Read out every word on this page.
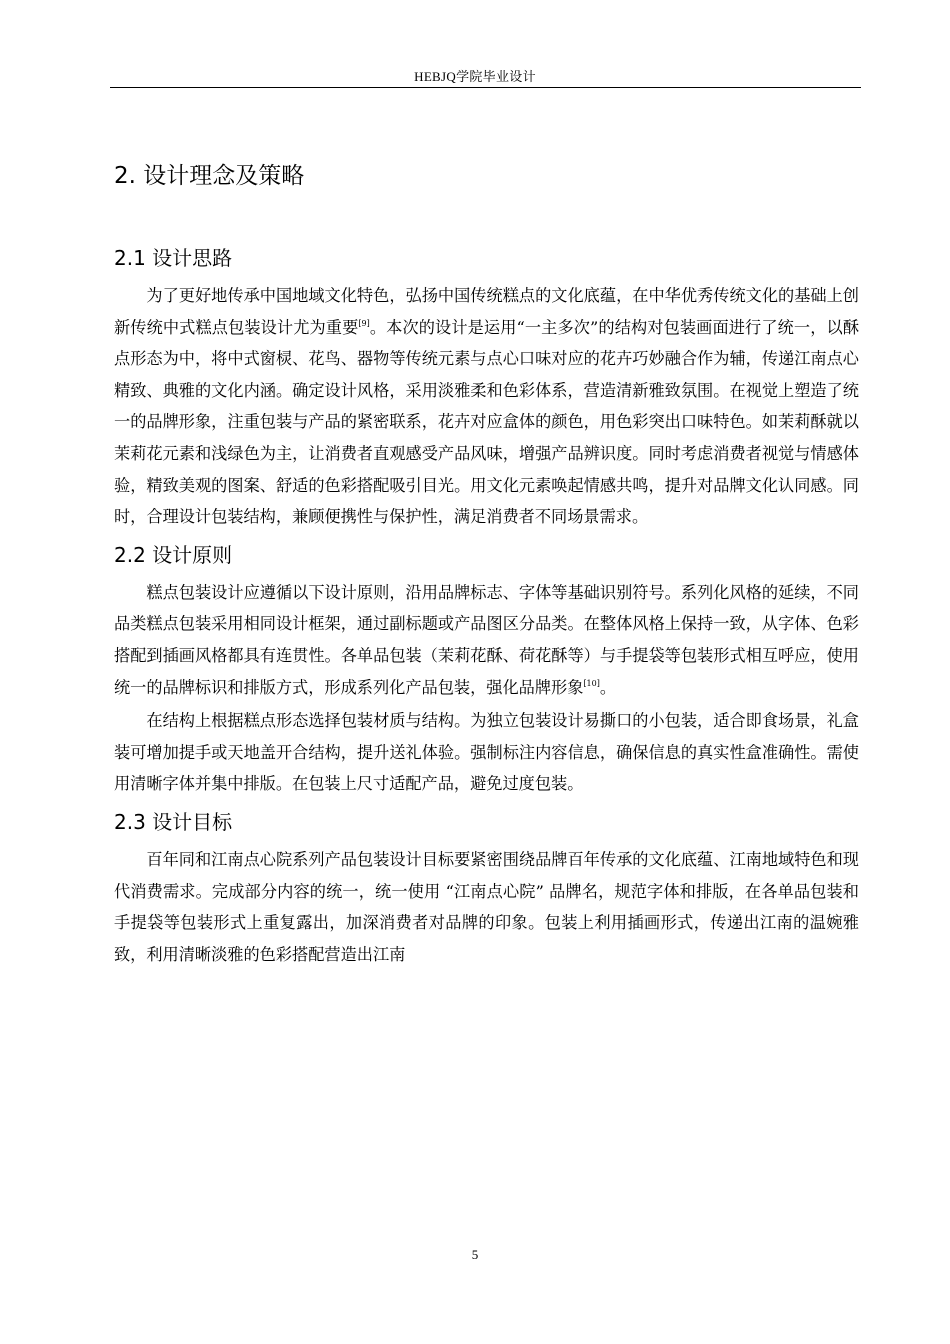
HEBJQ学院毕业设计
2. 设计理念及策略
2.1 设计思路

为了更好地传承中国地域文化特色，弘扬中国传统糕点的文化底蕴，在中华优秀传统文化的基础上创新传统中式糕点包装设计尤为重要[9]。本次的设计是运用“一主多次”的结构对包装画面进行了统一，以酥点形态为中，将中式窗棂、花鸟、器物等传统元素与点心口味对应的花卉巧妙融合作为辅，传递江南点心精致、典雅的文化内涵。确定设计风格，采用淡雅柔和色彩体系，营造清新雅致氛围。在视觉上塑造了统一的品牌形象，注重包装与产品的紧密联系，花卉对应盒体的颜色，用色彩突出口味特色。如茉莉酥就以茉莉花元素和浅绿色为主，让消费者直观感受产品风味，增强产品辨识度。同时考虑消费者视觉与情感体验，精致美观的图案、舒适的色彩搭配吸引目光。用文化元素唤起情感共鸣，提升对品牌文化认同感。同时，合理设计包装结构，兼顾便携性与保护性，满足消费者不同场景需求。

2.2 设计原则

糕点包装设计应遵循以下设计原则，沿用品牌标志、字体等基础识别符号。系列化风格的延续，不同品类糕点包装采用相同设计框架，通过副标题或产品图区分品类。在整体风格上保持一致，从字体、色彩搭配到插画风格都具有连贯性。各单品包装（茉莉花酥、荷花酥等）与手提袋等包装形式相互呼应，使用统一的品牌标识和排版方式，形成系列化产品包装，强化品牌形象[10]。

在结构上根据糕点形态选择包装材质与结构。为独立包装设计易撕口的小包装，适合即食场景，礼盒装可增加提手或天地盖开合结构，提升送礼体验。强制标注内容信息，确保信息的真实性盒准确性。需使用清晰字体并集中排版。在包装上尺寸适配产品，避免过度包装。

2.3 设计目标

百年同和江南点心院系列产品包装设计目标要紧密围绕品牌百年传承的文化底蕴、江南地域特色和现代消费需求。完成部分内容的统一，统一使用 “江南点心院” 品牌名，规范字体和排版，在各单品包装和手提袋等包装形式上重复露出，加深消费者对品牌的印象。包装上利用插画形式，传递出江南的温婉雅致，利用清晰淡雅的色彩搭配营造出江南

5
